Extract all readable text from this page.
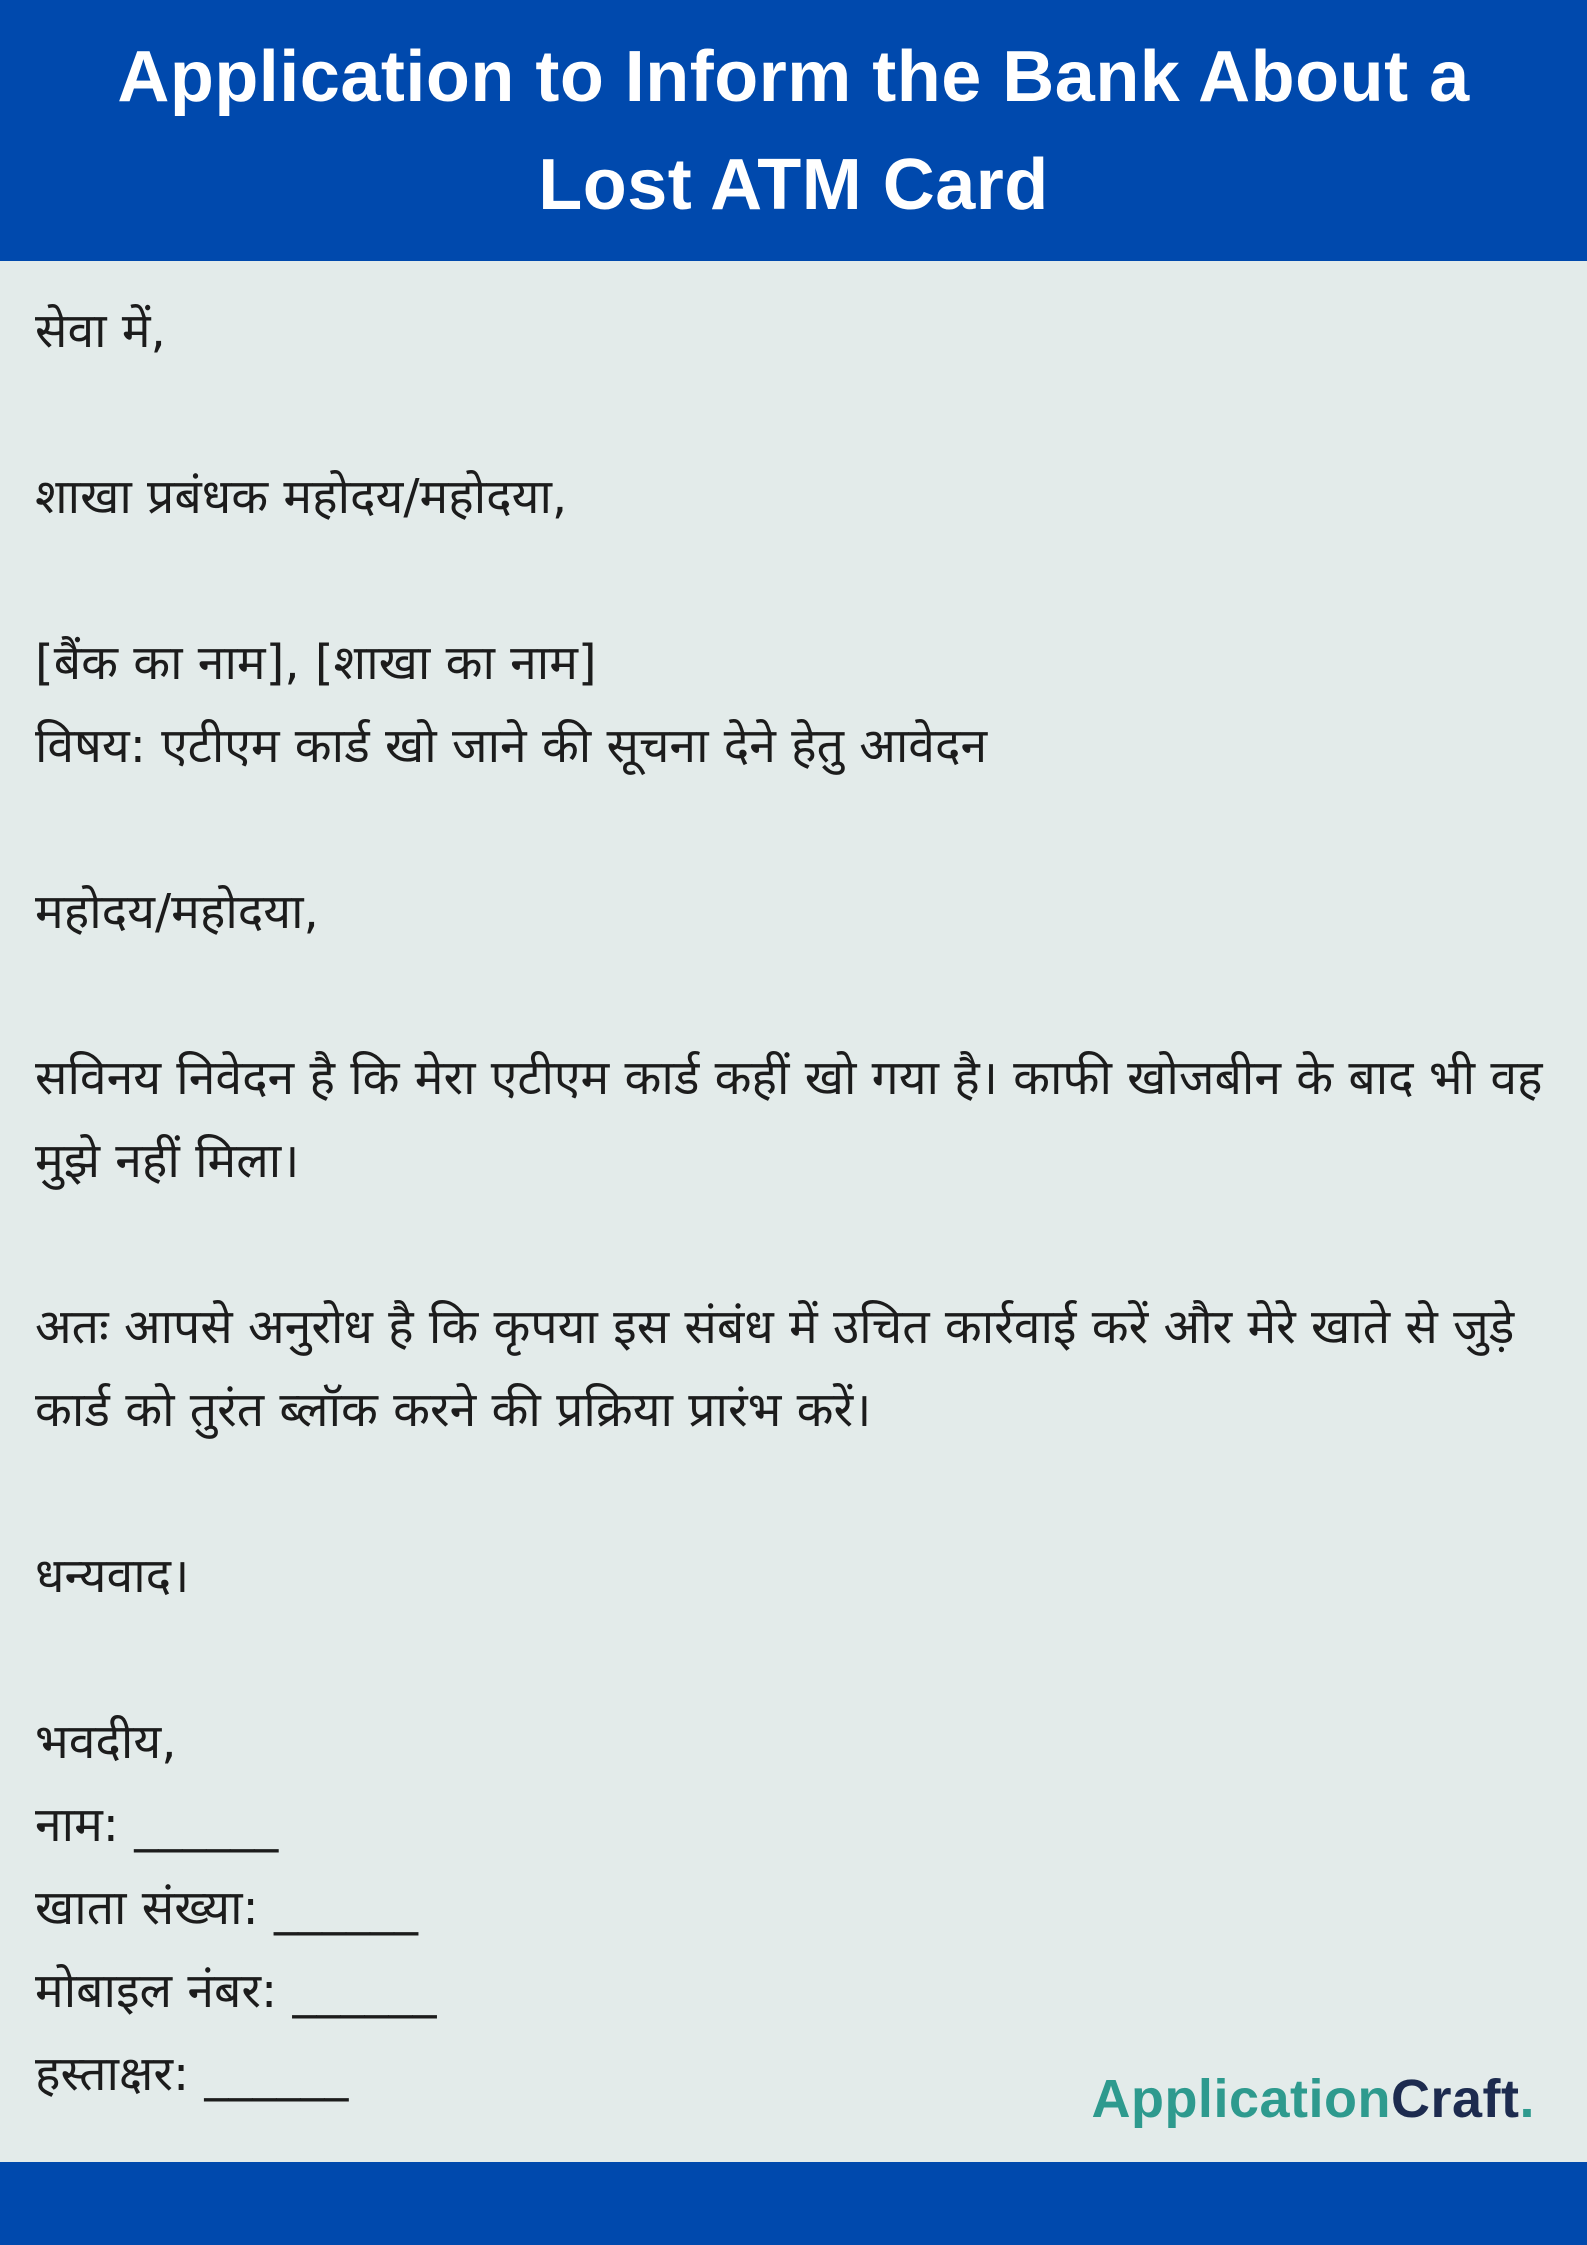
Application to Inform the Bank About a Lost ATM Card
सेवा में,
शाखा प्रबंधक महोदय/महोदया,
[बैंक का नाम], [शाखा का नाम]
विषय: एटीएम कार्ड खो जाने की सूचना देने हेतु आवेदन
महोदय/महोदया,
सविनय निवेदन है कि मेरा एटीएम कार्ड कहीं खो गया है। काफी खोजबीन के बाद भी वह मुझे नहीं मिला।
अतः आपसे अनुरोध है कि कृपया इस संबंध में उचित कार्रवाई करें और मेरे खाते से जुड़े कार्ड को तुरंत ब्लॉक करने की प्रक्रिया प्रारंभ करें।
धन्यवाद।
भवदीय,
नाम: ______
खाता संख्या: ______
मोबाइल नंबर: ______
हस्ताक्षर: ______	ApplicationCraft.
